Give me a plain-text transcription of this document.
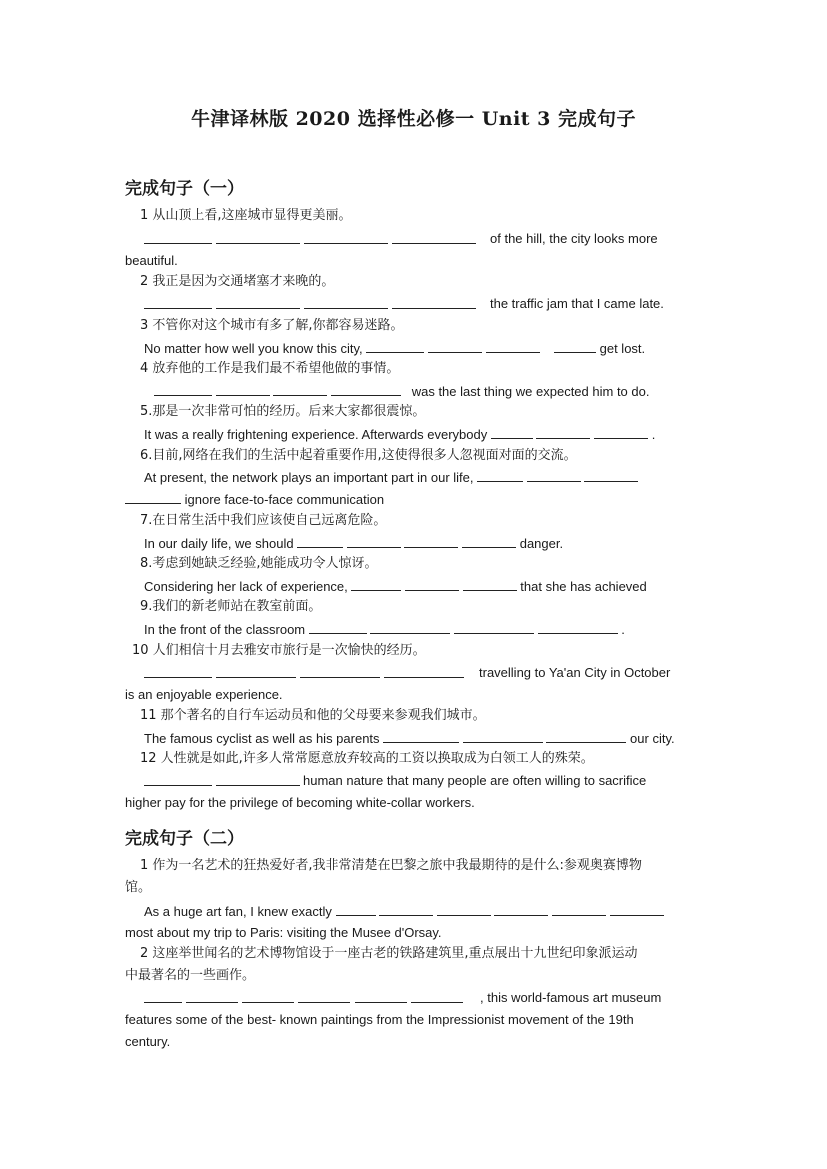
牛津译林版 2020 选择性必修一 Unit 3 完成句子
完成句子（一）
1 从山顶上看,这座城市显得更美丽。

of the hill, the city looks more
beautiful.
2 我正是因为交通堵塞才来晚的。

the traffic jam that I came late.
3 不管你对这个城市有多了解,你都容易迷路。
No matter how well you know this city,	get lost.
4 放弃他的工作是我们最不希望他做的事情。
was the last thing we expected him to do.
5.那是一次非常可怕的经历。后来大家都很震惊。
It was a really frightening experience. Afterwards everybody	.
6.目前,网络在我们的生活中起着重要作用,这使得很多人忽视面对面的交流。
At present, the network plays an important part in our life,
ignore face-to-face communication
7.在日常生活中我们应该使自己远离危险。
In our daily life, we should	danger.
8.考虑到她缺乏经验,她能成功令人惊讶。
Considering her lack of experience,	that she has achieved
9.我们的新老师站在教室前面。
In the front of the classroom	.
10 人们相信十月去雅安市旅行是一次愉快的经历。

travelling to Ya'an City in October
is an enjoyable experience.
11 那个著名的自行车运动员和他的父母要来参观我们城市。
The famous cyclist as well as his parents	our city.
12 人性就是如此,许多人常常愿意放弃较高的工资以换取成为白领工人的殊荣。

human nature that many people are often willing to sacrifice
higher pay for the privilege of becoming white-collar workers.
完成句子（二）
1 作为一名艺术的狂热爱好者,我非常清楚在巴黎之旅中我最期待的是什么:参观奥赛博物
馆。
As a huge art fan, I knew exactly
most about my trip to Paris: visiting the Musee d'Orsay.
2 这座举世闻名的艺术博物馆设于一座古老的铁路建筑里,重点展出十九世纪印象派运动
中最著名的一些画作。

, this world-famous art museum
features some of the best- known paintings from the Impressionist movement of the 19th
century.
